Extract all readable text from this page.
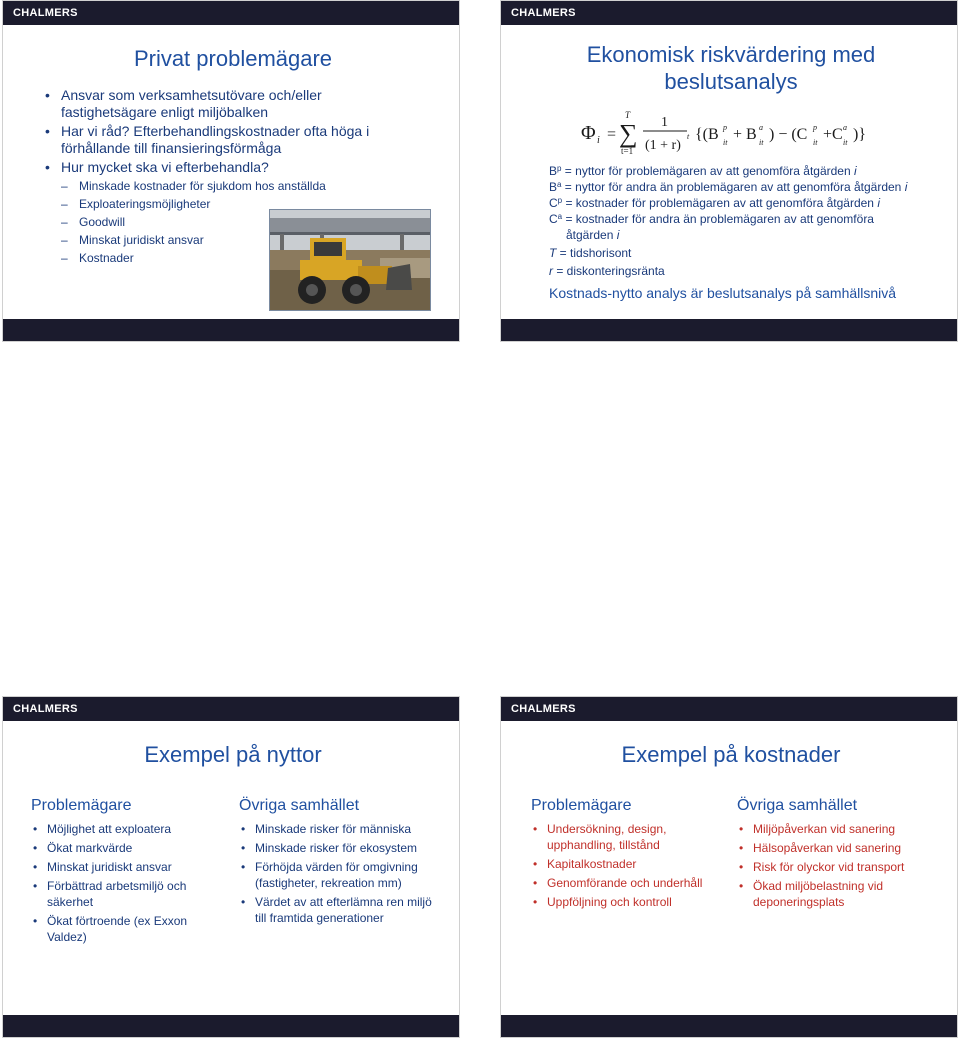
CHALMERS
Privat problemägare
• Ansvar som verksamhetsutövare och/eller fastighetsägare enligt miljöbalken
• Har vi råd? Efterbehandlingskostnader ofta höga i förhållande till finansieringsförmåga
• Hur mycket ska vi efterbehandla?
– Minskade kostnader för sjukdom hos anställda
– Exploateringsmöjligheter
– Goodwill
– Minskat juridiskt ansvar
– Kostnader
CHALMERS
Ekonomisk riskvärdering med
beslutsanalys
Φ i =
T
∑
t=1
1
(1 + r)
t {(B p
it + B a
it ) − (C p
it +C a
it )}

$B^p$ = nyttor för problemägaren av att genomföra åtgärden i

$B^a$ = nyttor för andra än problemägaren av att genomföra åtgärden i

$C^p$ = kostnader för problemägaren av att genomföra åtgärden i

$C^a$ = kostnader för andra än problemägaren av att genomföra

åtgärden i

T = tidshorisont

r = diskonteringsränta

Kostnads-nytto analys är beslutsanalys på samhällsnivå
CHALMERS
Exempel på nyttor
Problemägare
• Möjlighet att exploatera
• Ökat markvärde
• Minskat juridiskt ansvar
• Förbättrad arbetsmiljö och säkerhet
• Ökat förtroende (ex Exxon Valdez)
Övriga samhället
• Minskade risker för människa
• Minskade risker för ekosystem
• Förhöjda värden för omgivning (fastigheter, rekreation mm)
• Värdet av att efterlämna ren miljö till framtida generationer
CHALMERS
Exempel på kostnader
Problemägare
• Undersökning, design, upphandling, tillstånd
• Kapitalkostnader
• Genomförande och underhåll
• Uppföljning och kontroll
Övriga samhället
• Miljöpåverkan vid sanering
• Hälsopåverkan vid sanering
• Risk för olyckor vid transport
• Ökad miljöbelastning vid deponeringsplats
